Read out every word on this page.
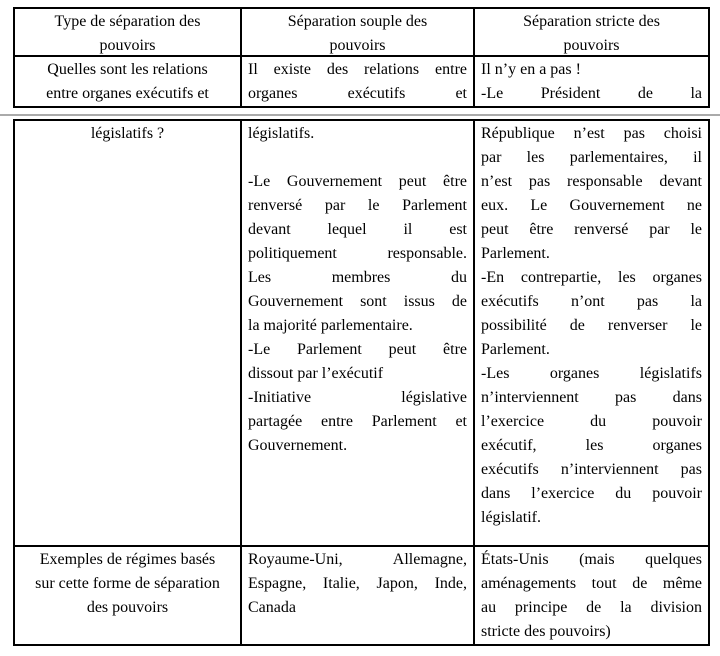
Type de séparation des
pouvoirs
Séparation souple des
pouvoirs
Séparation stricte des
pouvoirs
Quelles sont les relations
entre organes exécutifs et
Il existe des relations entre
organes exécutifs et
Il n’y en a pas !
-Le Président de la
législatifs ?	législatifs.
-Le Gouvernement peut être
renversé par le Parlement
devant lequel il est
politiquement responsable.
Les membres du
Gouvernement sont issus de
la majorité parlementaire.
-Le Parlement peut être
dissout par l’exécutif
-Initiative législative
partagée entre Parlement et
Gouvernement.
République n’est pas choisi
par les parlementaires, il
n’est pas responsable devant
eux. Le Gouvernement ne
peut être renversé par le
Parlement.
-En contrepartie, les organes
exécutifs n’ont pas la
possibilité de renverser le
Parlement.
-Les organes législatifs
n’interviennent pas dans
l’exercice du pouvoir
exécutif, les organes
exécutifs n’interviennent pas
dans l’exercice du pouvoir
législatif.
Exemples de régimes basés
sur cette forme de séparation
des pouvoirs
Royaume-Uni, Allemagne,
Espagne, Italie, Japon, Inde,
Canada
États-Unis (mais quelques
aménagements tout de même
au principe de la division
stricte des pouvoirs)
